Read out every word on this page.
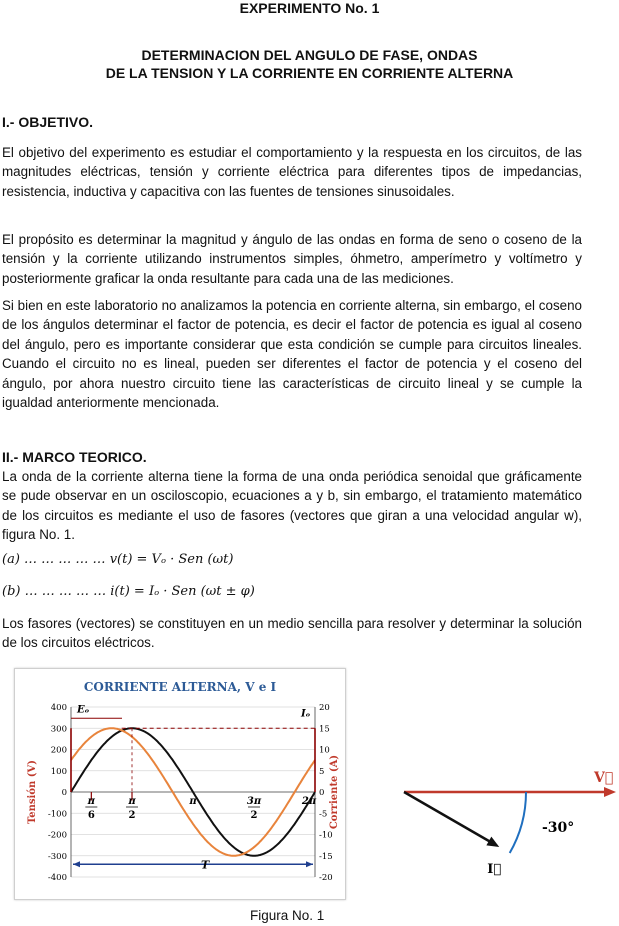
EXPERIMENTO No. 1
DETERMINACION DEL ANGULO DE FASE, ONDAS
DE LA TENSION Y LA CORRIENTE EN CORRIENTE ALTERNA
I.- OBJETIVO.
El objetivo del experimento es estudiar el comportamiento y la respuesta en los circuitos, de las magnitudes eléctricas, tensión y corriente eléctrica para diferentes tipos de impedancias, resistencia, inductiva y capacitiva con las fuentes de tensiones sinusoidales.
El propósito es determinar la magnitud y ángulo de las ondas en forma de seno o coseno de la tensión y la corriente utilizando instrumentos simples, óhmetro, amperímetro y voltímetro y posteriormente graficar la onda resultante para cada una de las mediciones.
Si bien en este laboratorio no analizamos la potencia en corriente alterna, sin embargo, el coseno de los ángulos determinar el factor de potencia, es decir el factor de potencia es igual al coseno del ángulo, pero es importante considerar que esta condición se cumple para circuitos lineales. Cuando el circuito no es lineal, pueden ser diferentes el factor de potencia y el coseno del ángulo, por ahora nuestro circuito tiene las características de circuito lineal y se cumple la igualdad anteriormente mencionada.
II.- MARCO TEORICO.
La onda de la corriente alterna tiene la forma de una onda periódica senoidal que gráficamente se pude observar en un osciloscopio, ecuaciones a y b, sin embargo, el tratamiento matemático de los circuitos es mediante el uso de fasores (vectores que giran a una velocidad angular w), figura No. 1.
(a) … … … … … v(t) = Vₒ · Sen (ωt)
(b) … … … … … i(t) = Iₒ · Sen (ωt ± φ)
Los fasores (vectores) se constituyen en un medio sencilla para resolver y determinar la solución de los circuitos eléctricos.
CORRIENTE ALTERNA, V e I
400
300
200
100
0
-100
-200
-300
-400
20
15
10
5
0
-5
-10
-15
-20
Tensión (V)	Corriente (A)
Eₒ	Iₒ
T
π
6
π
2
π	3π
2
2π
V⃗
I⃗
-30°
Figura No. 1
